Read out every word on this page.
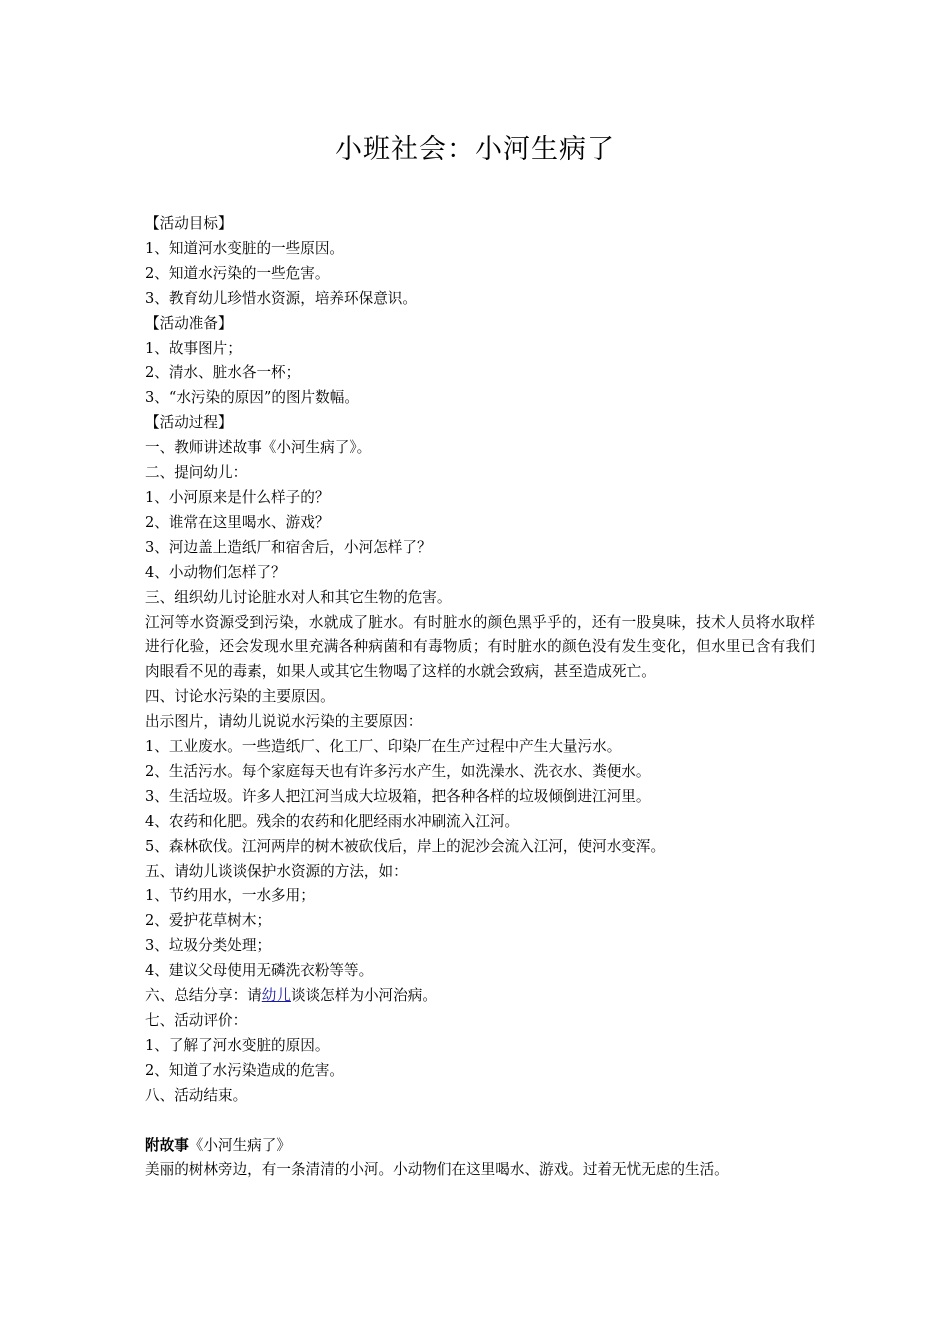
小班社会：小河生病了

【活动目标】

1、知道河水变脏的一些原因。

2、知道水污染的一些危害。

3、教育幼儿珍惜水资源，培养环保意识。

【活动准备】

1、故事图片；

2、清水、脏水各一杯；

3、“水污染的原因”的图片数幅。

【活动过程】

一、教师讲述故事《小河生病了》。

二、提问幼儿：

1、小河原来是什么样子的？

2、谁常在这里喝水、游戏？

3、河边盖上造纸厂和宿舍后，小河怎样了？

4、小动物们怎样了？

三、组织幼儿讨论脏水对人和其它生物的危害。

江河等水资源受到污染，水就成了脏水。有时脏水的颜色黑乎乎的，还有一股臭味，技术人员将水取样进行化验，还会发现水里充满各种病菌和有毒物质；有时脏水的颜色没有发生变化，但水里已含有我们肉眼看不见的毒素，如果人或其它生物喝了这样的水就会致病，甚至造成死亡。

四、讨论水污染的主要原因。

出示图片，请幼儿说说水污染的主要原因：

1、工业废水。一些造纸厂、化工厂、印染厂在生产过程中产生大量污水。

2、生活污水。每个家庭每天也有许多污水产生，如洗澡水、洗衣水、粪便水。

3、生活垃圾。许多人把江河当成大垃圾箱，把各种各样的垃圾倾倒进江河里。

4、农药和化肥。残余的农药和化肥经雨水冲刷流入江河。

5、森林砍伐。江河两岸的树木被砍伐后，岸上的泥沙会流入江河，使河水变浑。

五、请幼儿谈谈保护水资源的方法，如：

1、节约用水，一水多用；

2、爱护花草树木；

3、垃圾分类处理；

4、建议父母使用无磷洗衣粉等等。

六、总结分享：请幼儿谈谈怎样为小河治病。

七、活动评价：

1、了解了河水变脏的原因。

2、知道了水污染造成的危害。

八、活动结束。

附故事《小河生病了》

美丽的树林旁边，有一条清清的小河。小动物们在这里喝水、游戏。过着无忧无虑的生活。
